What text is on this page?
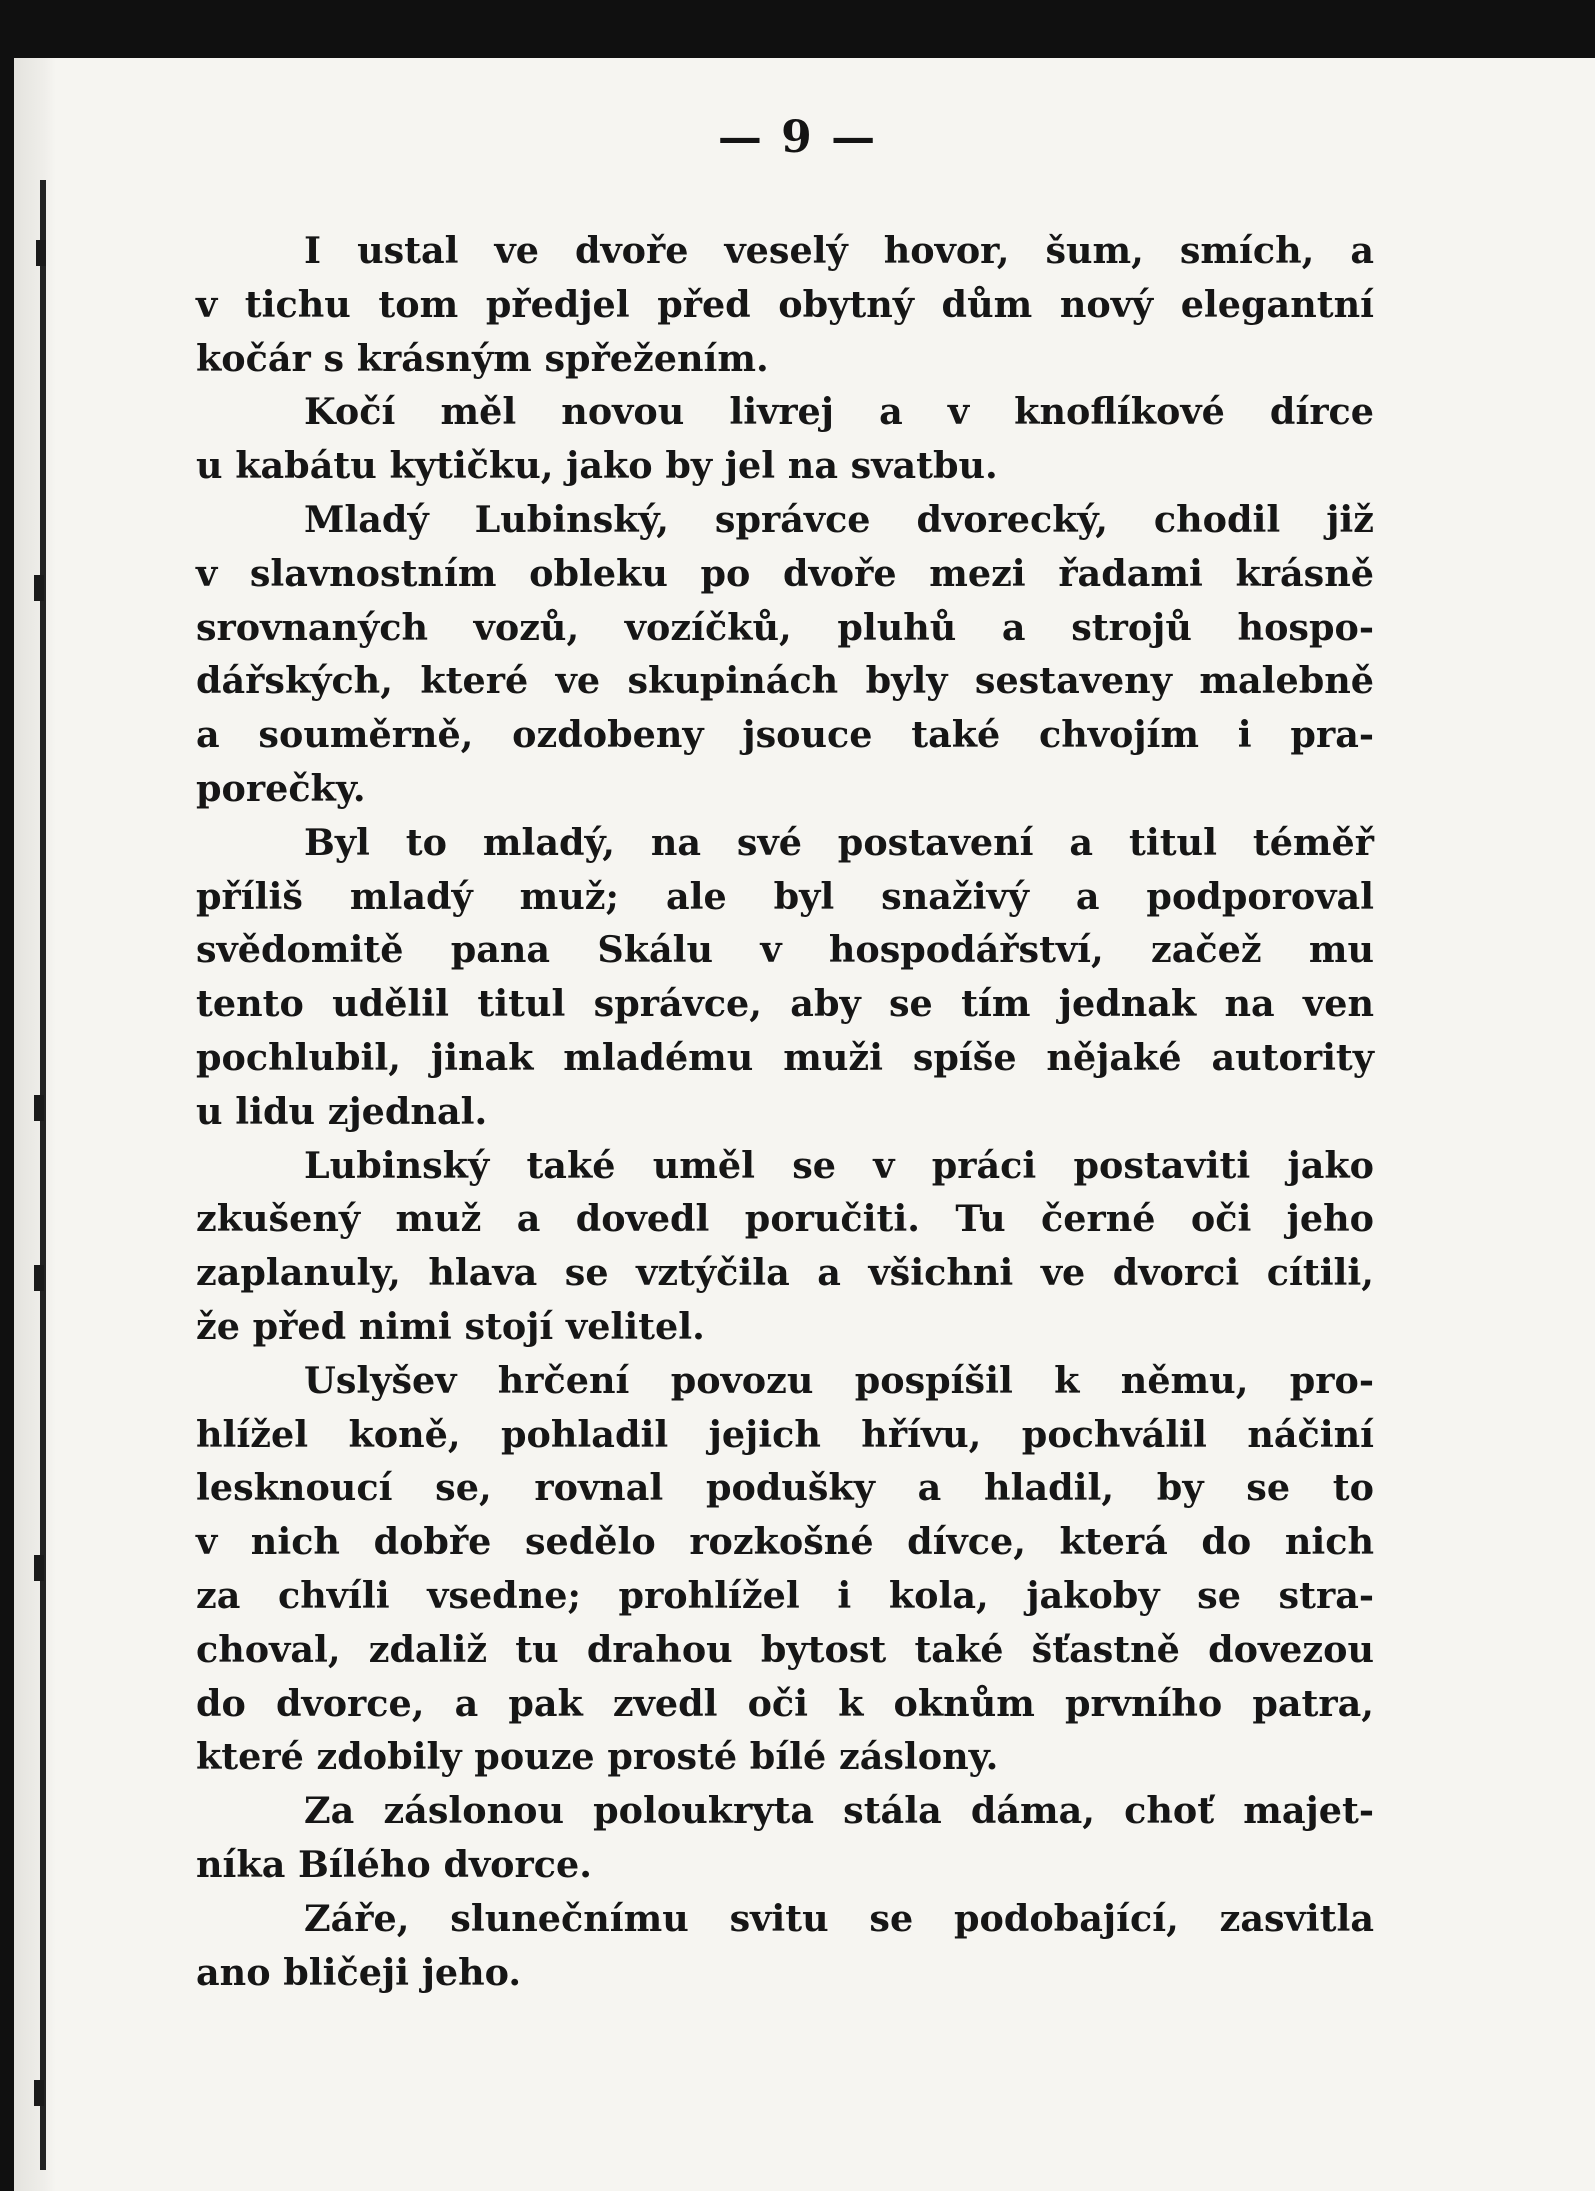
— 9 —
I ustal ve dvoře veselý hovor, šum, smích, a
v tichu tom předjel před obytný dům nový elegantní
kočár s krásným spřežením.
Kočí měl novou livrej a v knoflíkové dírce
u kabátu kytičku, jako by jel na svatbu.
Mladý Lubinský, správce dvorecký, chodil již
v slavnostním obleku po dvoře mezi řadami krásně
srovnaných vozů, vozíčků, pluhů a strojů hospo-
dářských, které ve skupinách byly sestaveny malebně
a souměrně, ozdobeny jsouce také chvojím i pra-
porečky.
Byl to mladý, na své postavení a titul téměř
příliš mladý muž; ale byl snaživý a podporoval
svědomitě pana Skálu v hospodářství, začež mu
tento udělil titul správce, aby se tím jednak na ven
pochlubil, jinak mladému muži spíše nějaké autority
u lidu zjednal.
Lubinský také uměl se v práci postaviti jako
zkušený muž a dovedl poručiti. Tu černé oči jeho
zaplanuly, hlava se vztýčila a všichni ve dvorci cítili,
že před nimi stojí velitel.
Uslyšev hrčení povozu pospíšil k němu, pro-
hlížel koně, pohladil jejich hřívu, pochválil náčiní
lesknoucí se, rovnal podušky a hladil, by se to
v nich dobře sedělo rozkošné dívce, která do nich
za chvíli vsedne; prohlížel i kola, jakoby se stra-
choval, zdaliž tu drahou bytost také šťastně dovezou
do dvorce, a pak zvedl oči k oknům prvního patra,
které zdobily pouze prosté bílé záslony.
Za záslonou poloukryta stála dáma, choť majet-
níka Bílého dvorce.
Záře, slunečnímu svitu se podobající, zasvitla
ano bličeji jeho.
